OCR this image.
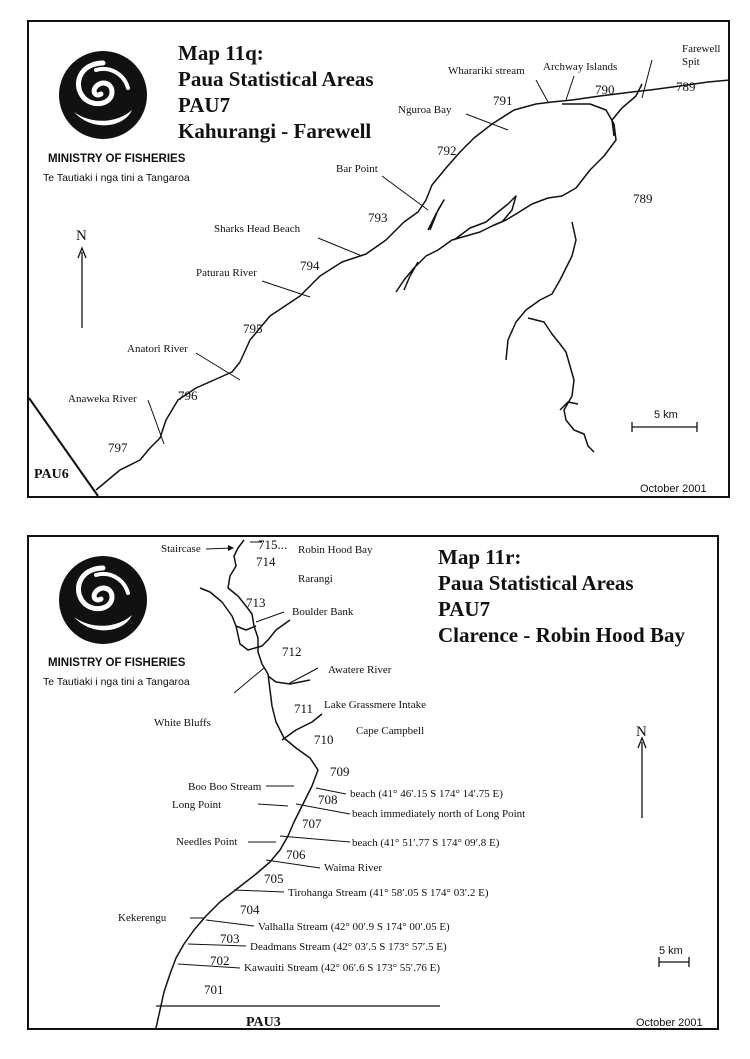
MINISTRY OF FISHERIES
Te Tautiaki i nga tini a Tangaroa
Map 11q:
Paua Statistical Areas
PAU7
Kahurangi - Farewell
N
PAU6
Farewell
Spit
Archway Islands
Wharariki stream
Nguroa Bay
Bar Point
Sharks Head Beach
Paturau River
Anatori River
Anaweka River
789
789
790
791
792
793
794
795
796
797
5 km
October 2001
MINISTRY OF FISHERIES
Te Tautiaki i nga tini a Tangaroa
Map 11r:
Paua Statistical Areas
PAU7
Clarence - Robin Hood Bay
N
PAU3
Staircase	715... Robin Hood Bay
714
Rarangi
713
Boulder Bank
712
Awatere River
White Bluffs
711 Lake Grassmere Intake
710
Cape Campbell
709
Boo Boo Stream
beach (41° 46′.15 S 174° 14′.75 E)
708
Long Point
beach immediately north of Long Point
707
Needles Point	beach (41° 51′.77 S 174° 09′.8 E)
706
Waima River
705
Tirohanga Stream (41° 58′.05 S 174° 03′.2 E)
704
Kekerengu
Valhalla Stream (42° 00′.9 S 174° 00′.05 E)
703
Deadmans Stream (42° 03′.5 S 173° 57′.5 E)
702 Kawauiti Stream (42° 06′.6 S 173° 55′.76 E)
701
5 km
October 2001
